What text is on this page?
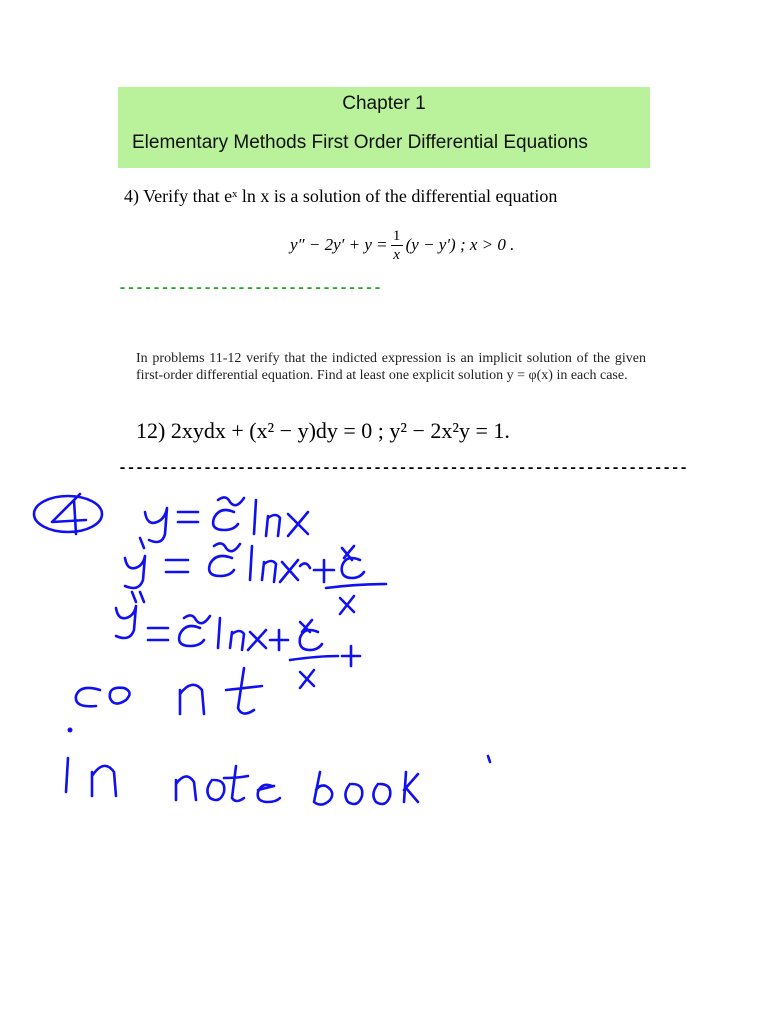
Chapter 1
Elementary Methods First Order Differential Equations
4) Verify that eˣ ln x is a solution of the differential equation
$y'' - 2y' + y = \frac{1}{x} (y - y')$ ; x > 0 .
-------------------------------
In problems 11-12 verify that the indicted expression is an implicit solution of the given first-order differential equation. Find at least one explicit solution y = φ(x) in each case.
12) 2xydx + (x² − y)dy = 0 ; y² − 2x²y = 1.
-------------------------------------------------------------------
